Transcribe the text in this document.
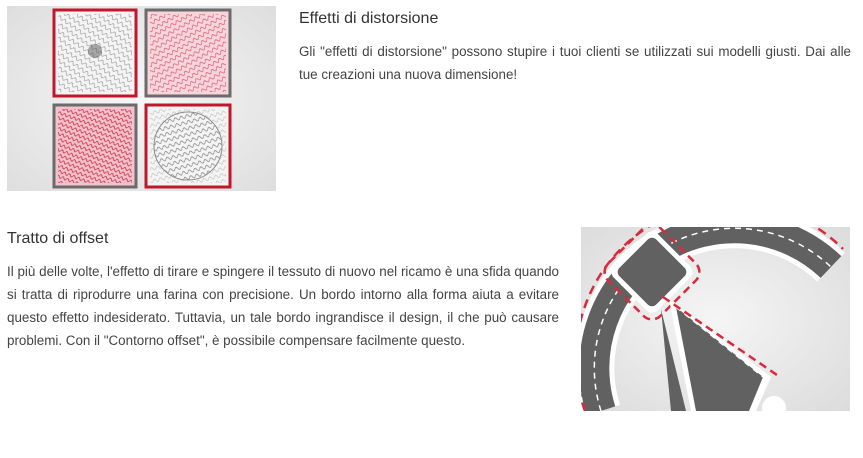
Effetti di distorsione

Gli "effetti di distorsione" possono stupire i tuoi clienti se utilizzati sui modelli giusti. Dai alle tue creazioni una nuova dimensione!

Tratto di offset

Il più delle volte, l'effetto di tirare e spingere il tessuto di nuovo nel ricamo è una sfida quando si tratta di riprodurre una farina con precisione. Un bordo intorno alla forma aiuta a evitare questo effetto indesiderato. Tuttavia, un tale bordo ingrandisce il design, il che può causare problemi. Con il "Contorno offset", è possibile compensare facilmente questo.
